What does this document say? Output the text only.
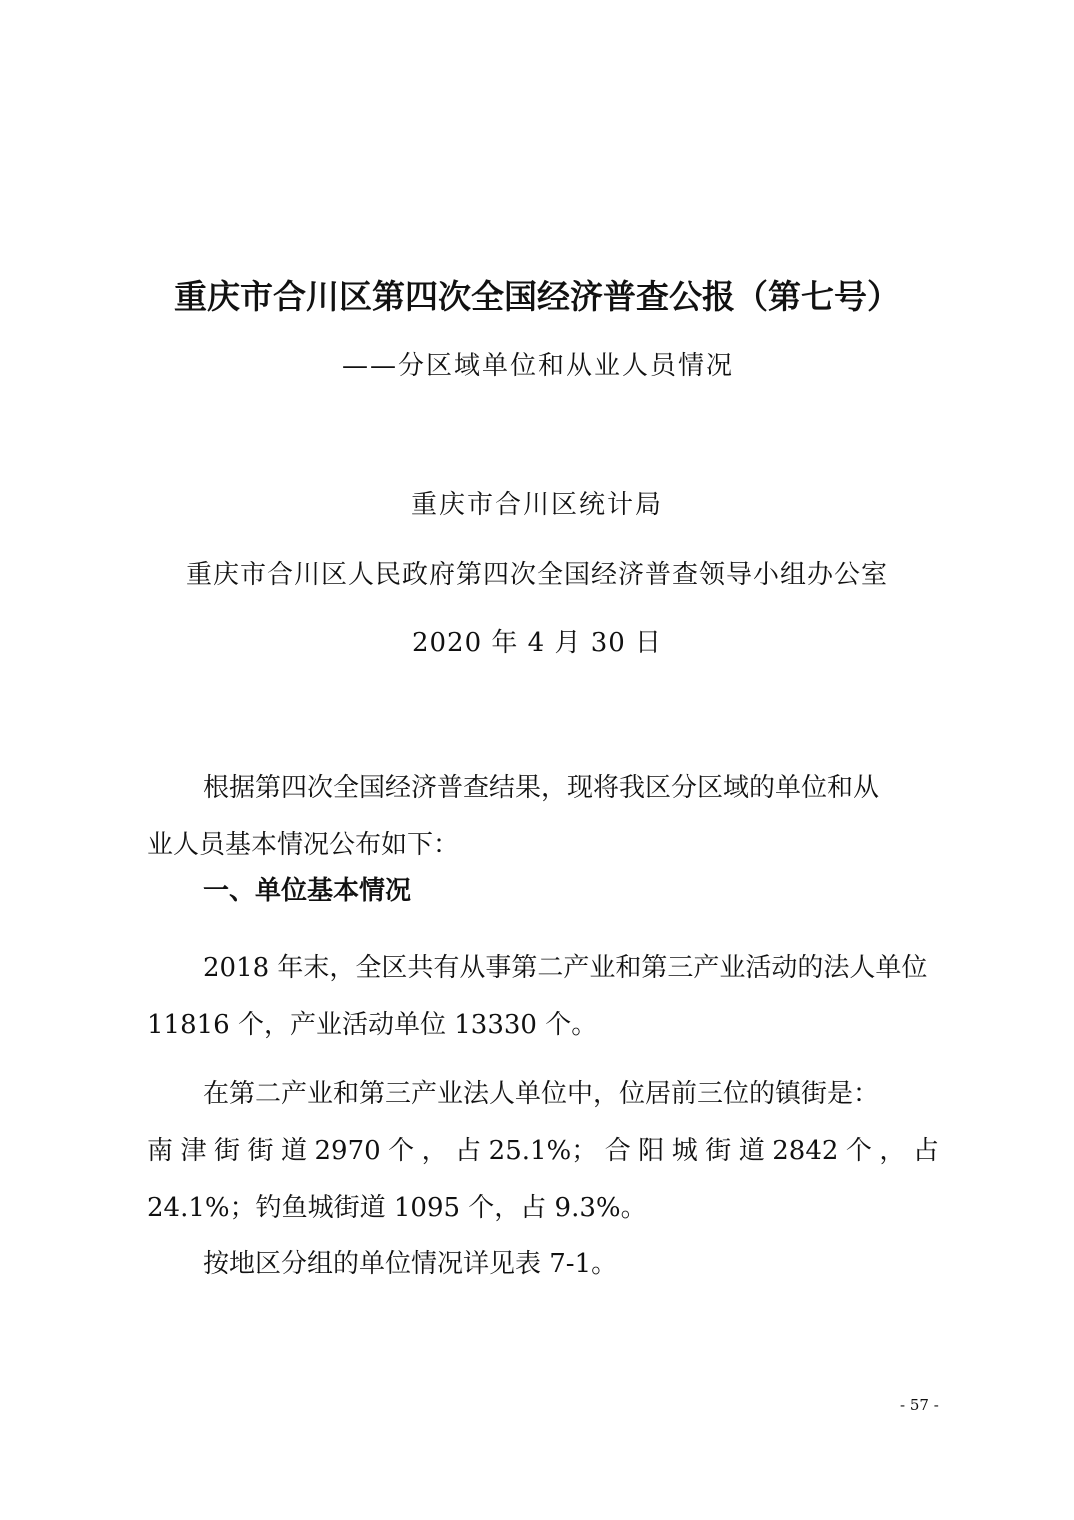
重庆市合川区第四次全国经济普查公报（第七号）
——分区域单位和从业人员情况
重庆市合川区统计局
重庆市合川区人民政府第四次全国经济普查领导小组办公室
2020 年 4 月 30 日
根据第四次全国经济普查结果，现将我区分区域的单位和从
业人员基本情况公布如下：
一、单位基本情况
2018 年末，全区共有从事第二产业和第三产业活动的法人单位
11816 个，产业活动单位 13330 个。
在第二产业和第三产业法人单位中，位居前三位的镇街是：
南 津 街 街 道 2970 个 ， 占 25.1%； 合 阳 城 街 道 2842 个 ， 占
24.1%；钓鱼城街道 1095 个，占 9.3%。
按地区分组的单位情况详见表 7-1。
- 57 -
